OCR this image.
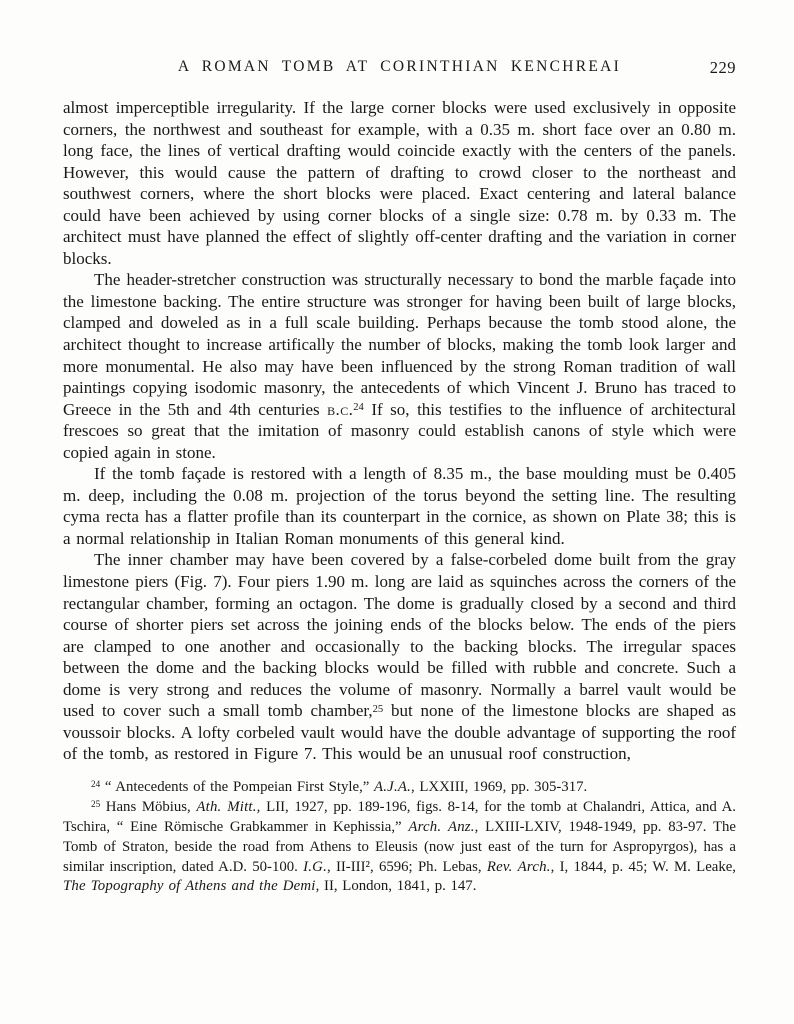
A ROMAN TOMB AT CORINTHIAN KENCHREAI	229

almost imperceptible irregularity. If the large corner blocks were used exclusively in opposite corners, the northwest and southeast for example, with a 0.35 m. short face over an 0.80 m. long face, the lines of vertical drafting would coincide exactly with the centers of the panels. However, this would cause the pattern of drafting to crowd closer to the northeast and southwest corners, where the short blocks were placed. Exact centering and lateral balance could have been achieved by using corner blocks of a single size: 0.78 m. by 0.33 m. The architect must have planned the effect of slightly off-center drafting and the variation in corner blocks.

The header-stretcher construction was structurally necessary to bond the marble façade into the limestone backing. The entire structure was stronger for having been built of large blocks, clamped and doweled as in a full scale building. Perhaps because the tomb stood alone, the architect thought to increase artifically the number of blocks, making the tomb look larger and more monumental. He also may have been influenced by the strong Roman tradition of wall paintings copying isodomic masonry, the antecedents of which Vincent J. Bruno has traced to Greece in the 5th and 4th centuries b.c.$^{24}$ If so, this testifies to the influence of architectural frescoes so great that the imitation of masonry could establish canons of style which were copied again in stone.

If the tomb façade is restored with a length of 8.35 m., the base moulding must be 0.405 m. deep, including the 0.08 m. projection of the torus beyond the setting line. The resulting cyma recta has a flatter profile than its counterpart in the cornice, as shown on Plate 38; this is a normal relationship in Italian Roman monuments of this general kind.

The inner chamber may have been covered by a false-corbeled dome built from the gray limestone piers (Fig. 7). Four piers 1.90 m. long are laid as squinches across the corners of the rectangular chamber, forming an octagon. The dome is gradually closed by a second and third course of shorter piers set across the joining ends of the blocks below. The ends of the piers are clamped to one another and occasionally to the backing blocks. The irregular spaces between the dome and the backing blocks would be filled with rubble and concrete. Such a dome is very strong and reduces the volume of masonry. Normally a barrel vault would be used to cover such a small tomb chamber,$^{25}$ but none of the limestone blocks are shaped as voussoir blocks. A lofty corbeled vault would have the double advantage of supporting the roof of the tomb, as restored in Figure 7. This would be an unusual roof construction,

$^{24}$ “ Antecedents of the Pompeian First Style,” A.J.A., LXXIII, 1969, pp. 305-317.

$^{25}$ Hans Möbius, Ath. Mitt., LII, 1927, pp. 189-196, figs. 8-14, for the tomb at Chalandri, Attica, and A. Tschira, “ Eine Römische Grabkammer in Kephissia,” Arch. Anz., LXIII-LXIV, 1948-1949, pp. 83-97. The Tomb of Straton, beside the road from Athens to Eleusis (now just east of the turn for Aspropyrgos), has a similar inscription, dated A.D. 50-100. I.G., II-III², 6596; Ph. Lebas, Rev. Arch., I, 1844, p. 45; W. M. Leake, The Topography of Athens and the Demi, II, London, 1841, p. 147.
